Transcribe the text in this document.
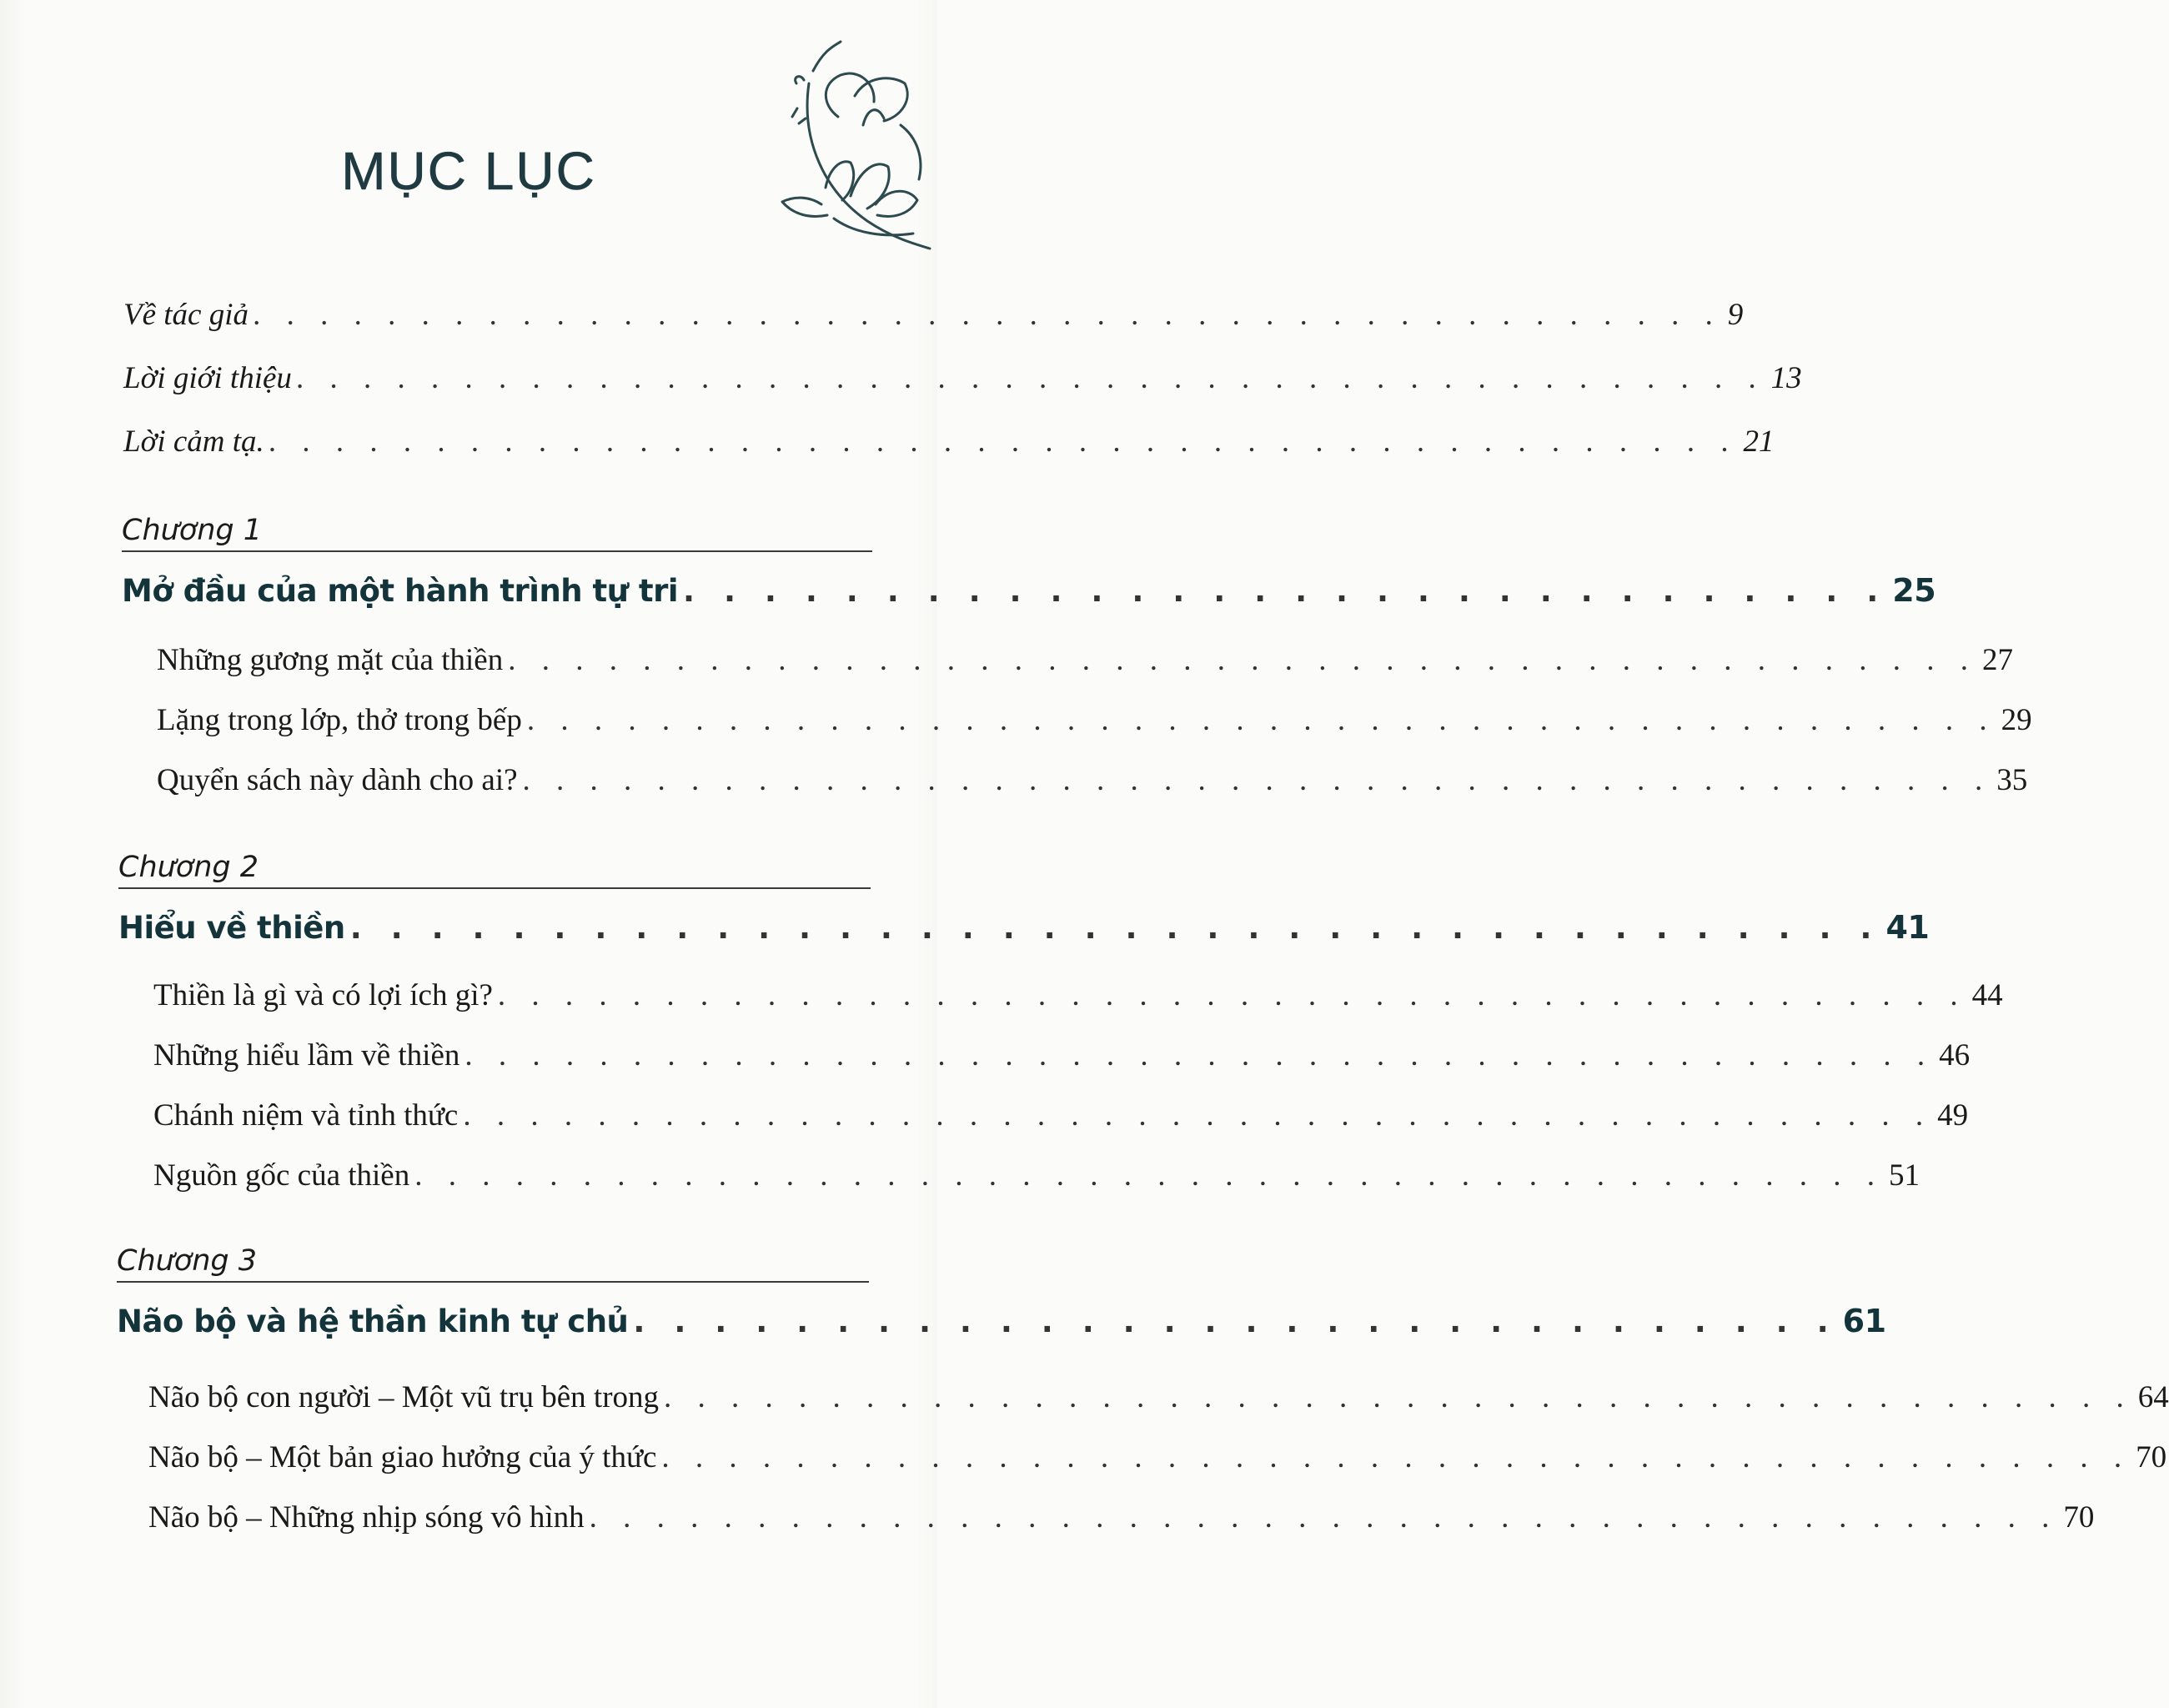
MỤC LỤC
Về tác giả . . . . . . . . . . . . . . . . . . . . . . . . . . . . . . . . . . . . . . . . . . . . 9
Lời giới thiệu . . . . . . . . . . . . . . . . . . . . . . . . . . . . . . . . . . . . . . . . . . . . 13
Lời cảm tạ. . . . . . . . . . . . . . . . . . . . . . . . . . . . . . . . . . . . . . . . . . . . . 21
Chương 1
Mở đầu của một hành trình tự tri . . . . . . . . . . . . . . . . . . . . . . . . . . . . . . 25
Những gương mặt của thiền . . . . . . . . . . . . . . . . . . . . . . . . . . . . . . . . . . . . . . . . . . . . 27
Lặng trong lớp, thở trong bếp . . . . . . . . . . . . . . . . . . . . . . . . . . . . . . . . . . . . . . . . . . . . 29
Quyển sách này dành cho ai? . . . . . . . . . . . . . . . . . . . . . . . . . . . . . . . . . . . . . . . . . . . . 35
Chương 2
Hiểu về thiền . . . . . . . . . . . . . . . . . . . . . . . . . . . . . . . . . . . . . . 41
Thiền là gì và có lợi ích gì? . . . . . . . . . . . . . . . . . . . . . . . . . . . . . . . . . . . . . . . . . . . . 44
Những hiểu lầm về thiền . . . . . . . . . . . . . . . . . . . . . . . . . . . . . . . . . . . . . . . . . . . . 46
Chánh niệm và tỉnh thức . . . . . . . . . . . . . . . . . . . . . . . . . . . . . . . . . . . . . . . . . . . . 49
Nguồn gốc của thiền . . . . . . . . . . . . . . . . . . . . . . . . . . . . . . . . . . . . . . . . . . . . 51
Chương 3
Não bộ và hệ thần kinh tự chủ . . . . . . . . . . . . . . . . . . . . . . . . . . . . . . 61
Não bộ con người – Một vũ trụ bên trong . . . . . . . . . . . . . . . . . . . . . . . . . . . . . . . . . . . . . . . . . . . . 64
Não bộ – Một bản giao hưởng của ý thức . . . . . . . . . . . . . . . . . . . . . . . . . . . . . . . . . . . . . . . . . . . . 70
Não bộ – Những nhịp sóng vô hình . . . . . . . . . . . . . . . . . . . . . . . . . . . . . . . . . . . . . . . . . . . . 70
